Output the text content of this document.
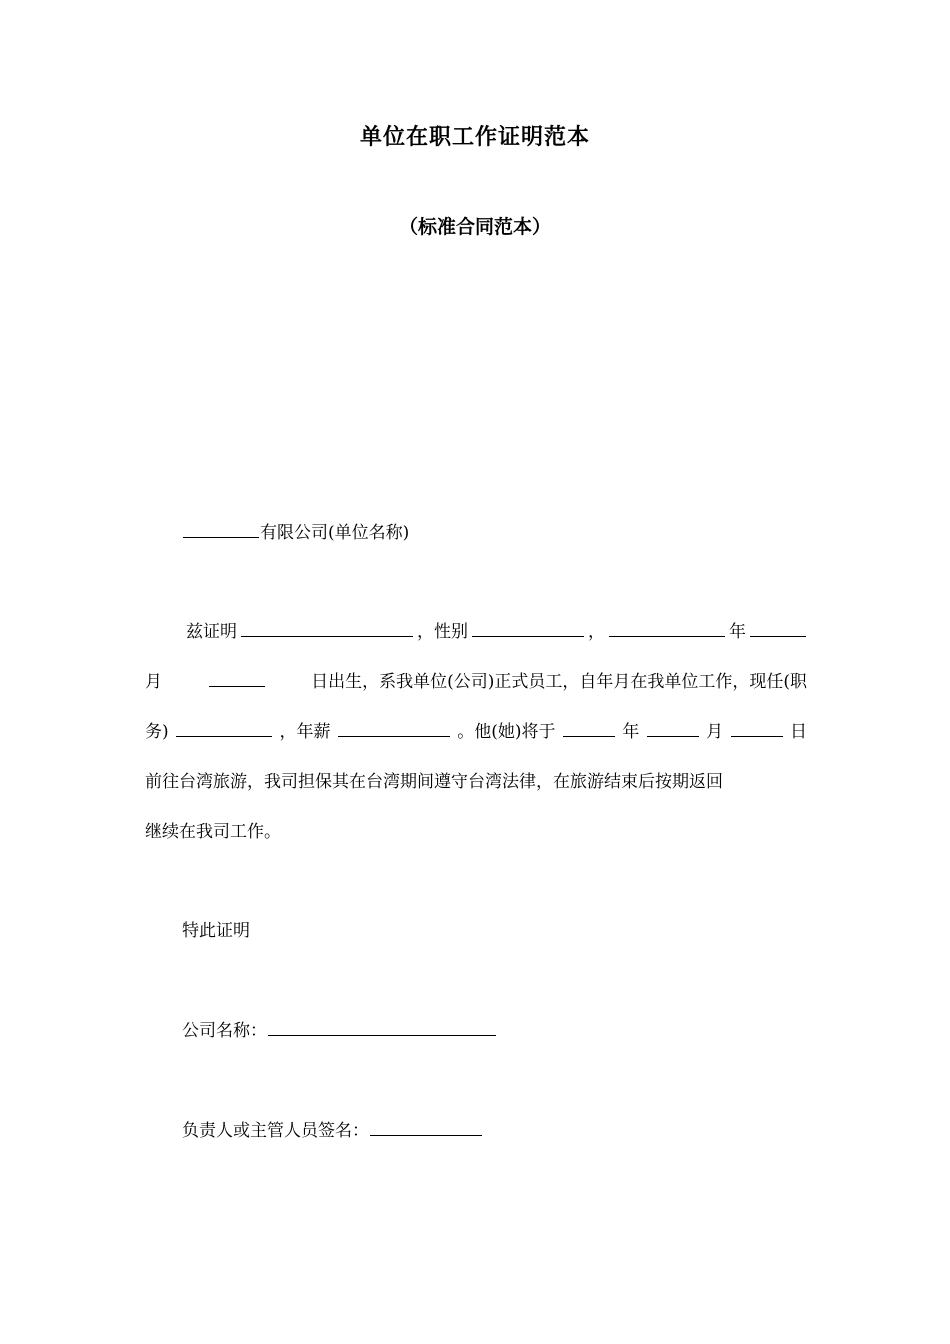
单位在职工作证明范本
（标准合同范本）
有限公司(单位名称)
兹证明	，性别	，	年
月	日出生，系我单位(公司)正式员工，自年月在我单位工作，现任(职
务)	，年薪	。他(她)将于	年	月	日
前往台湾旅游，我司担保其在台湾期间遵守台湾法律，在旅游结束后按期返回
继续在我司工作。
特此证明
公司名称：
负责人或主管人员签名：
